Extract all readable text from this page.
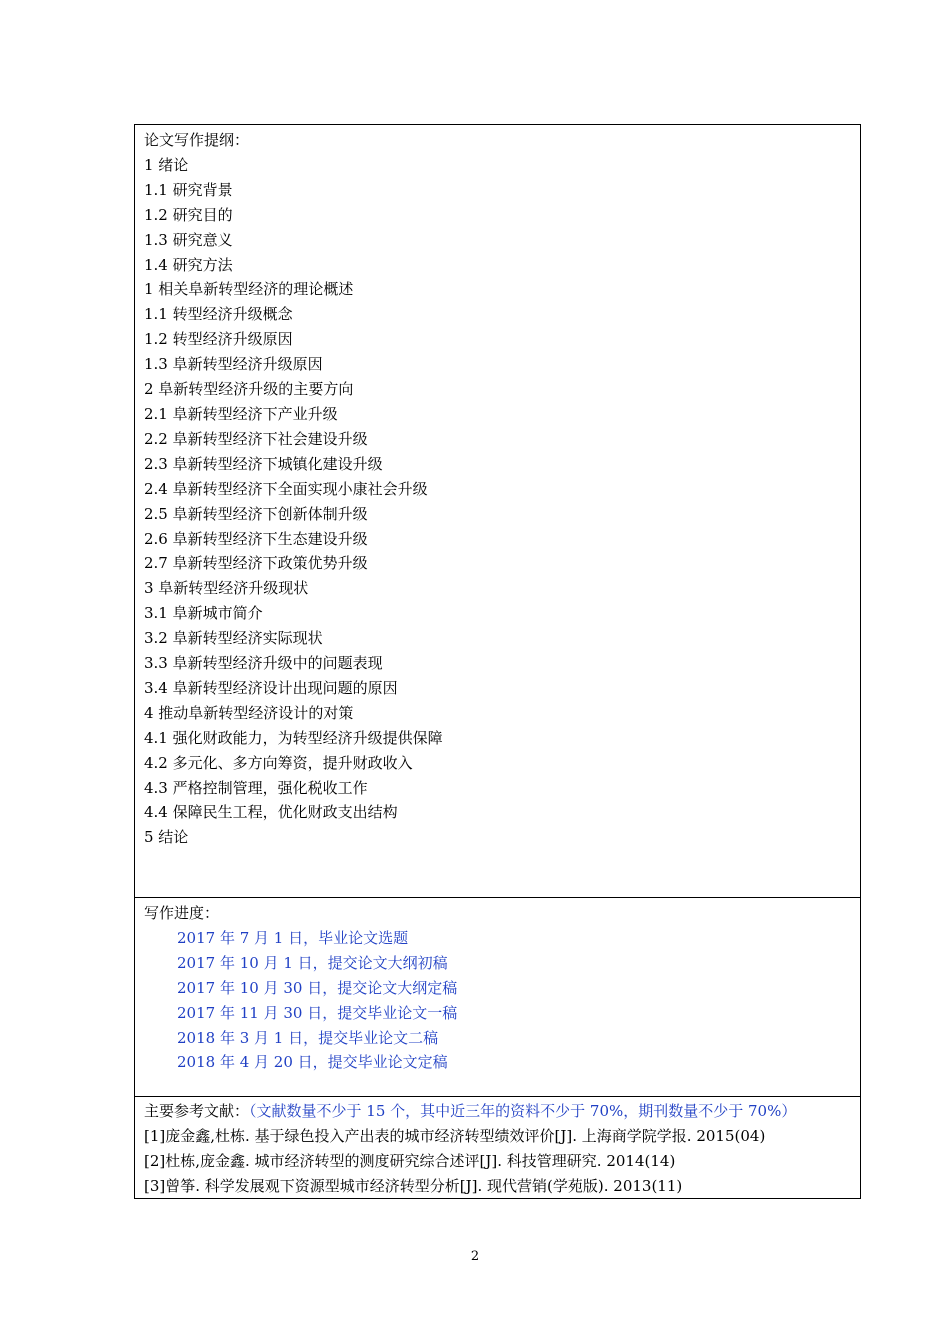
论文写作提纲：
1 绪论
1.1 研究背景
1.2 研究目的
1.3 研究意义
1.4 研究方法
1 相关阜新转型经济的理论概述
1.1 转型经济升级概念
1.2 转型经济升级原因
1.3 阜新转型经济升级原因
2 阜新转型经济升级的主要方向
2.1 阜新转型经济下产业升级
2.2 阜新转型经济下社会建设升级
2.3 阜新转型经济下城镇化建设升级
2.4 阜新转型经济下全面实现小康社会升级
2.5 阜新转型经济下创新体制升级
2.6 阜新转型经济下生态建设升级
2.7 阜新转型经济下政策优势升级
3 阜新转型经济升级现状
3.1 阜新城市简介
3.2 阜新转型经济实际现状
3.3 阜新转型经济升级中的问题表现
3.4 阜新转型经济设计出现问题的原因
4 推动阜新转型经济设计的对策
4.1 强化财政能力，为转型经济升级提供保障
4.2 多元化、多方向筹资，提升财政收入
4.3 严格控制管理，强化税收工作
4.4 保障民生工程，优化财政支出结构
5 结论
写作进度：
2017 年 7 月 1 日，毕业论文选题
2017 年 10 月 1 日，提交论文大纲初稿
2017 年 10 月 30 日，提交论文大纲定稿
2017 年 11 月 30 日，提交毕业论文一稿
2018 年 3 月 1 日，提交毕业论文二稿
2018 年 4 月 20 日，提交毕业论文定稿
主要参考文献：（文献数量不少于 15 个，其中近三年的资料不少于 70%，期刊数量不少于 70%）
[1]庞金鑫,杜栋. 基于绿色投入产出表的城市经济转型绩效评价[J]. 上海商学院学报. 2015(04)
[2]杜栋,庞金鑫. 城市经济转型的测度研究综合述评[J]. 科技管理研究. 2014(14)
[3]曾筝. 科学发展观下资源型城市经济转型分析[J]. 现代营销(学苑版). 2013(11)
2
